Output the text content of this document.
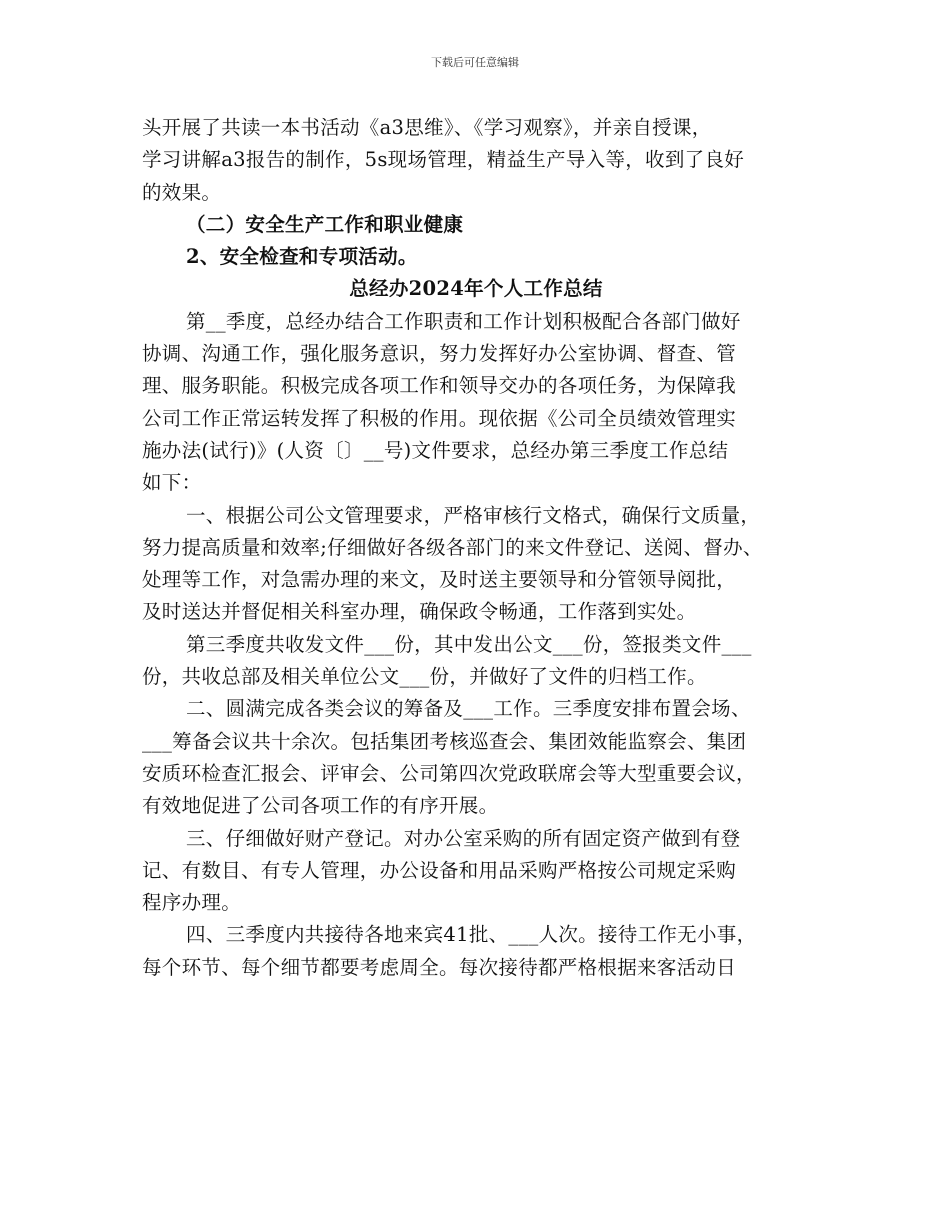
下载后可任意编辑

头开展了共读一本书活动《a3思维》、《学习观察》，并亲自授课，
学习讲解a3报告的制作，5s现场管理，精益生产导入等，收到了良好
的效果。
（二）安全生产工作和职业健康
2、安全检查和专项活动。
总经办2024年个人工作总结
第__季度，总经办结合工作职责和工作计划积极配合各部门做好
协调、沟通工作，强化服务意识，努力发挥好办公室协调、督查、管
理、服务职能。积极完成各项工作和领导交办的各项任务，为保障我
公司工作正常运转发挥了积极的作用。现依据《公司全员绩效管理实
施办法(试行)》(人资〔〕__号)文件要求，总经办第三季度工作总结
如下：
一、根据公司公文管理要求，严格审核行文格式，确保行文质量，
努力提高质量和效率;仔细做好各级各部门的来文件登记、送阅、督办、
处理等工作，对急需办理的来文，及时送主要领导和分管领导阅批，
及时送达并督促相关科室办理，确保政令畅通，工作落到实处。
第三季度共收发文件___份，其中发出公文___份，签报类文件___
份，共收总部及相关单位公文___份，并做好了文件的归档工作。
二、圆满完成各类会议的筹备及___工作。三季度安排布置会场、
___筹备会议共十余次。包括集团考核巡查会、集团效能监察会、集团
安质环检查汇报会、评审会、公司第四次党政联席会等大型重要会议，
有效地促进了公司各项工作的有序开展。
三、仔细做好财产登记。对办公室采购的所有固定资产做到有登
记、有数目、有专人管理，办公设备和用品采购严格按公司规定采购
程序办理。
四、三季度内共接待各地来宾41批、___人次。接待工作无小事，
每个环节、每个细节都要考虑周全。每次接待都严格根据来客活动日
